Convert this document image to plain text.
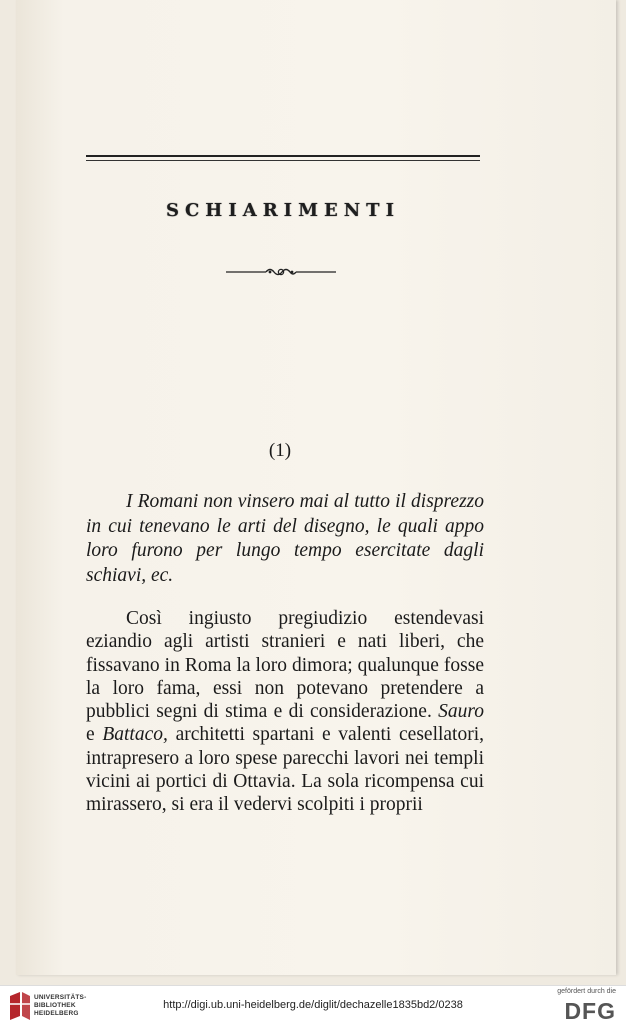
SCHIARIMENTI
(1)
I Romani non vinsero mai al tutto il disprezzo in cui tenevano le arti del disegno, le quali appo loro furono per lungo tempo esercitate dagli schiavi, ec.
Così ingiusto pregiudizio estendevasi eziandio agli artisti stranieri e nati liberi, che fissavano in Roma la loro dimora; qualunque fosse la loro fama, essi non potevano pretendere a pubblici segni di stima e di considerazione. Sauro e Battaco, architetti spartani e valenti cesellatori, intrapresero a loro spese parecchi lavori nei templi vicini ai portici di Ottavia. La sola ricompensa cui mirassero, si era il vedervi scolpiti i proprii
UNIVERSITÄTS-
BIBLIOTHEK
HEIDELBERG
http://digi.ub.uni-heidelberg.de/diglit/dechazelle1835bd2/0238
gefördert durch die
DFG
